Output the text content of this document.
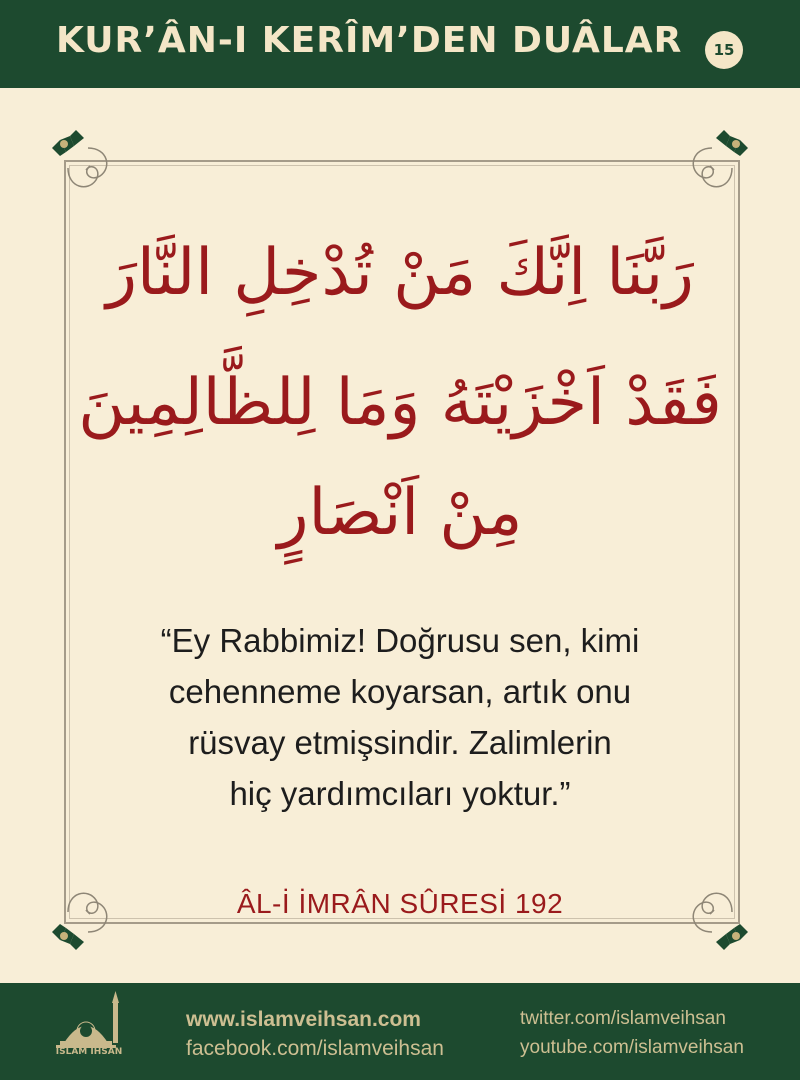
KUR’ÂN-I KERÎM’DEN DUÂLAR	15
رَبَّنَا اِنَّكَ مَنْ تُدْخِلِ النَّارَ
فَقَدْ اَخْزَيْتَهُ وَمَا لِلظَّالِمِينَ
مِنْ اَنْصَارٍ
“Ey Rabbimiz! Doğrusu sen, kimi
cehenneme koyarsan, artık onu
rüsvay etmişsindir. Zalimlerin
hiç yardımcıları yoktur.”
ÂL-İ İMRÂN SÛRESİ 192
İSLAM İHSAN
www.islamveihsan.com
facebook.com/islamveihsan
twitter.com/islamveihsan
youtube.com/islamveihsan
